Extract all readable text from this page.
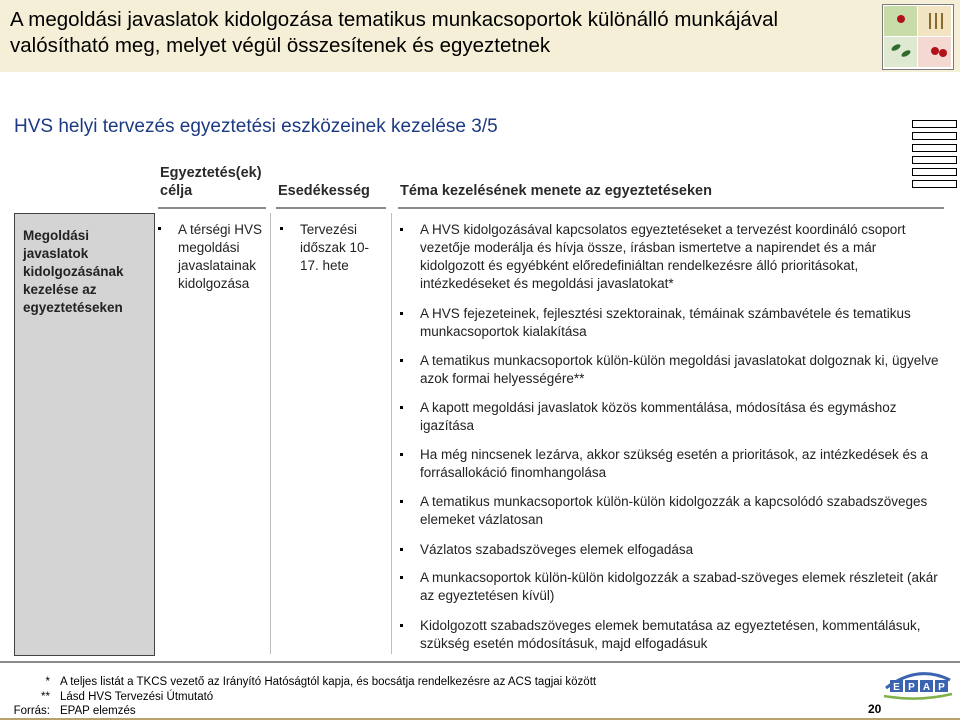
A megoldási javaslatok kidolgozása tematikus munkacsoportok különálló munkájával valósítható meg, melyet végül összesítenek és egyeztetnek
HVS helyi tervezés egyeztetési eszközeinek kezelése 3/5
Egyeztetés(ek) célja	Esedékesség Téma kezelésének menete az egyeztetéseken
Megoldási javaslatok kidolgozásának kezelése az egyeztetéseken
A térségi HVS megoldási javaslatainak kidolgozása
Tervezési időszak 10-17. hete
A HVS kidolgozásával kapcsolatos egyeztetéseket a tervezést koordináló csoport vezetője moderálja és hívja össze, írásban ismertetve a napirendet és a már kidolgozott és egyébként előredefiniáltan rendelkezésre álló prioritásokat, intézkedéseket és megoldási javaslatokat*
A HVS fejezeteinek, fejlesztési szektorainak, témáinak számbavétele és tematikus munkacsoportok kialakítása
A tematikus munkacsoportok külön-külön megoldási javaslatokat dolgoznak ki, ügyelve azok formai helyességére**
A kapott megoldási javaslatok közös kommentálása, módosítása és egymáshoz igazítása
Ha még nincsenek lezárva, akkor szükség esetén a prioritások, az intézkedések és a forrásallokáció finomhangolása
A tematikus munkacsoportok külön-külön kidolgozzák a kapcsolódó szabadszöveges elemeket vázlatosan
Vázlatos szabadszöveges elemek elfogadása
A munkacsoportok külön-külön kidolgozzák a szabad-szöveges elemek részleteit (akár az egyeztetésen kívül)
Kidolgozott szabadszöveges elemek bemutatása az egyeztetésen, kommentálásuk, szükség esetén módosításuk, majd elfogadásuk
* A teljes listát a TKCS vezető az Irányító Hatóságtól kapja, és bocsátja rendelkezésre az ACS tagjai között
** Lásd HVS Tervezési Útmutató
Forrás: EPAP elemzés
E P A P
20
